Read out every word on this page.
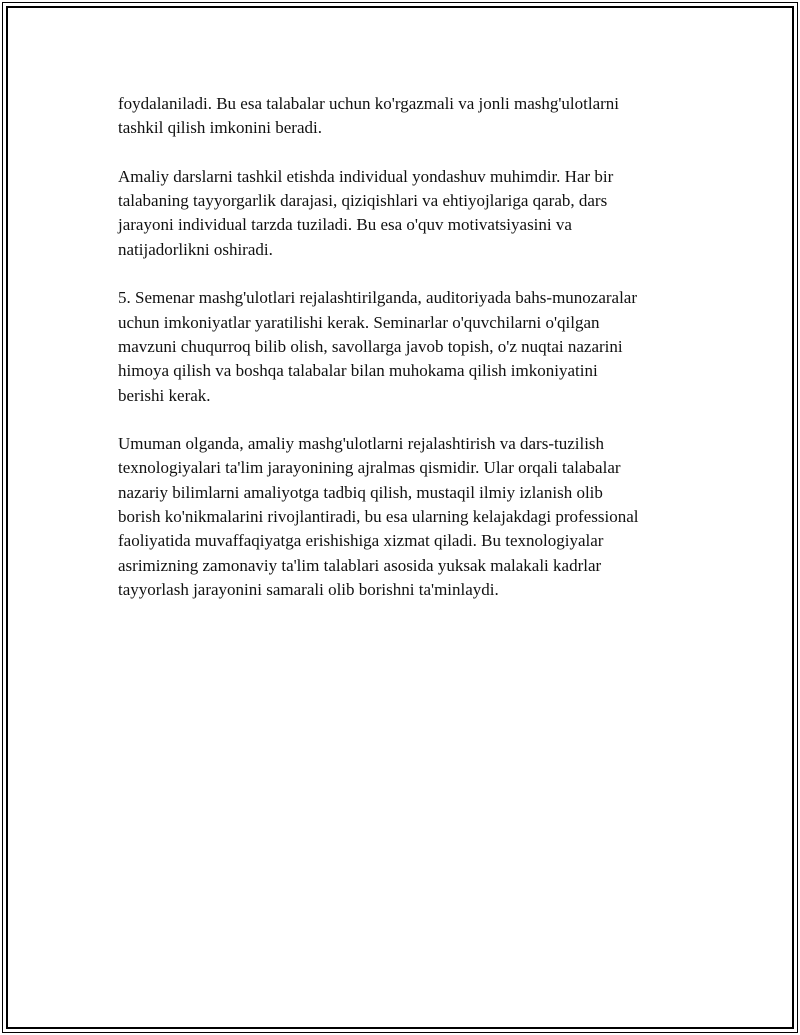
foydalaniladi. Bu esa talabalar uchun ko'rgazmali va jonli mashg'ulotlarni
tashkil qilish imkonini beradi.

Amaliy darslarni tashkil etishda individual yondashuv muhimdir. Har bir
talabaning tayyorgarlik darajasi, qiziqishlari va ehtiyojlariga qarab, dars
jarayoni individual tarzda tuziladi. Bu esa o'quv motivatsiyasini va
natijadorlikni oshiradi.

5. Semenar mashg'ulotlari rejalashtirilganda, auditoriyada bahs-munozaralar
uchun imkoniyatlar yaratilishi kerak. Seminarlar o'quvchilarni o'qilgan
mavzuni chuqurroq bilib olish, savollarga javob topish, o'z nuqtai nazarini
himoya qilish va boshqa talabalar bilan muhokama qilish imkoniyatini
berishi kerak.

Umuman olganda, amaliy mashg'ulotlarni rejalashtirish va dars-tuzilish
texnologiyalari ta'lim jarayonining ajralmas qismidir. Ular orqali talabalar
nazariy bilimlarni amaliyotga tadbiq qilish, mustaqil ilmiy izlanish olib
borish ko'nikmalarini rivojlantiradi, bu esa ularning kelajakdagi professional
faoliyatida muvaffaqiyatga erishishiga xizmat qiladi. Bu texnologiyalar
asrimizning zamonaviy ta'lim talablari asosida yuksak malakali kadrlar
tayyorlash jarayonini samarali olib borishni ta'minlaydi.
